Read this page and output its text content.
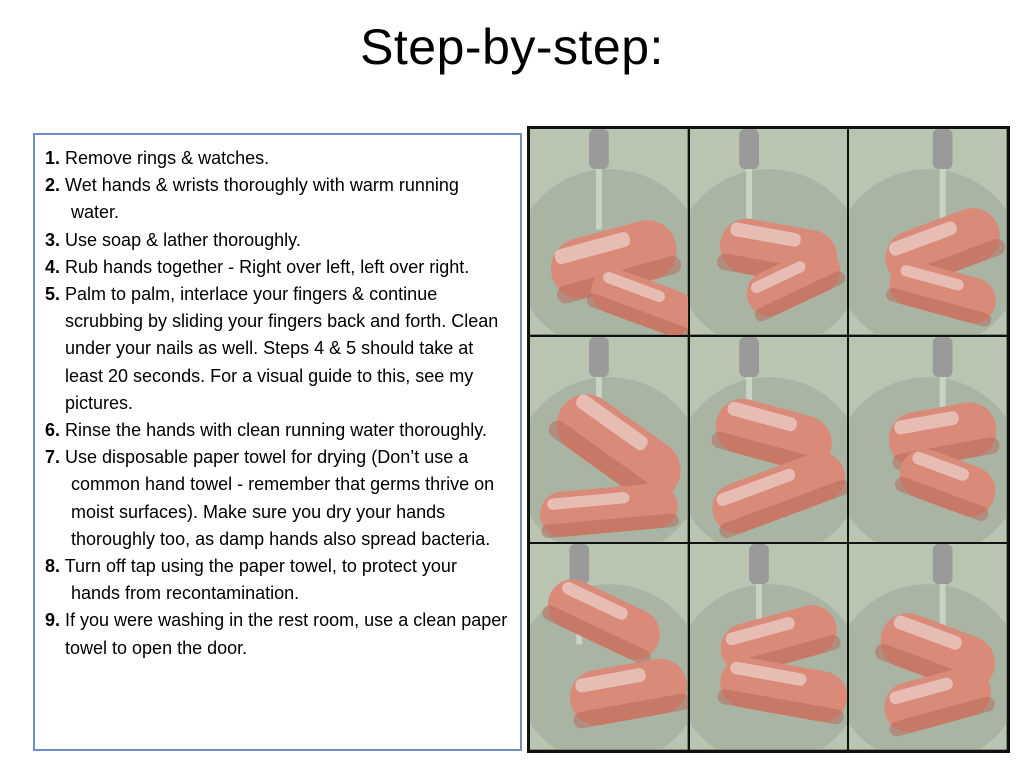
Step-by-step:
1. Remove rings & watches.
2. Wet hands & wrists thoroughly with warm running water.
3. Use soap & lather thoroughly.
4. Rub hands together - Right over left, left over right.
5. Palm to palm, interlace your fingers & continue scrubbing by sliding your fingers back and forth. Clean under your nails as well. Steps 4 & 5 should take at least 20 seconds. For a visual guide to this, see my pictures.
6. Rinse the hands with clean running water thoroughly.
7. Use disposable paper towel for drying (Don’t use a common hand towel - remember that germs thrive on moist surfaces). Make sure you dry your hands thoroughly too, as damp hands also spread bacteria.
8. Turn off tap using the paper towel, to protect your hands from recontamination.
9. If you were washing in the rest room, use a clean paper towel to open the door.
